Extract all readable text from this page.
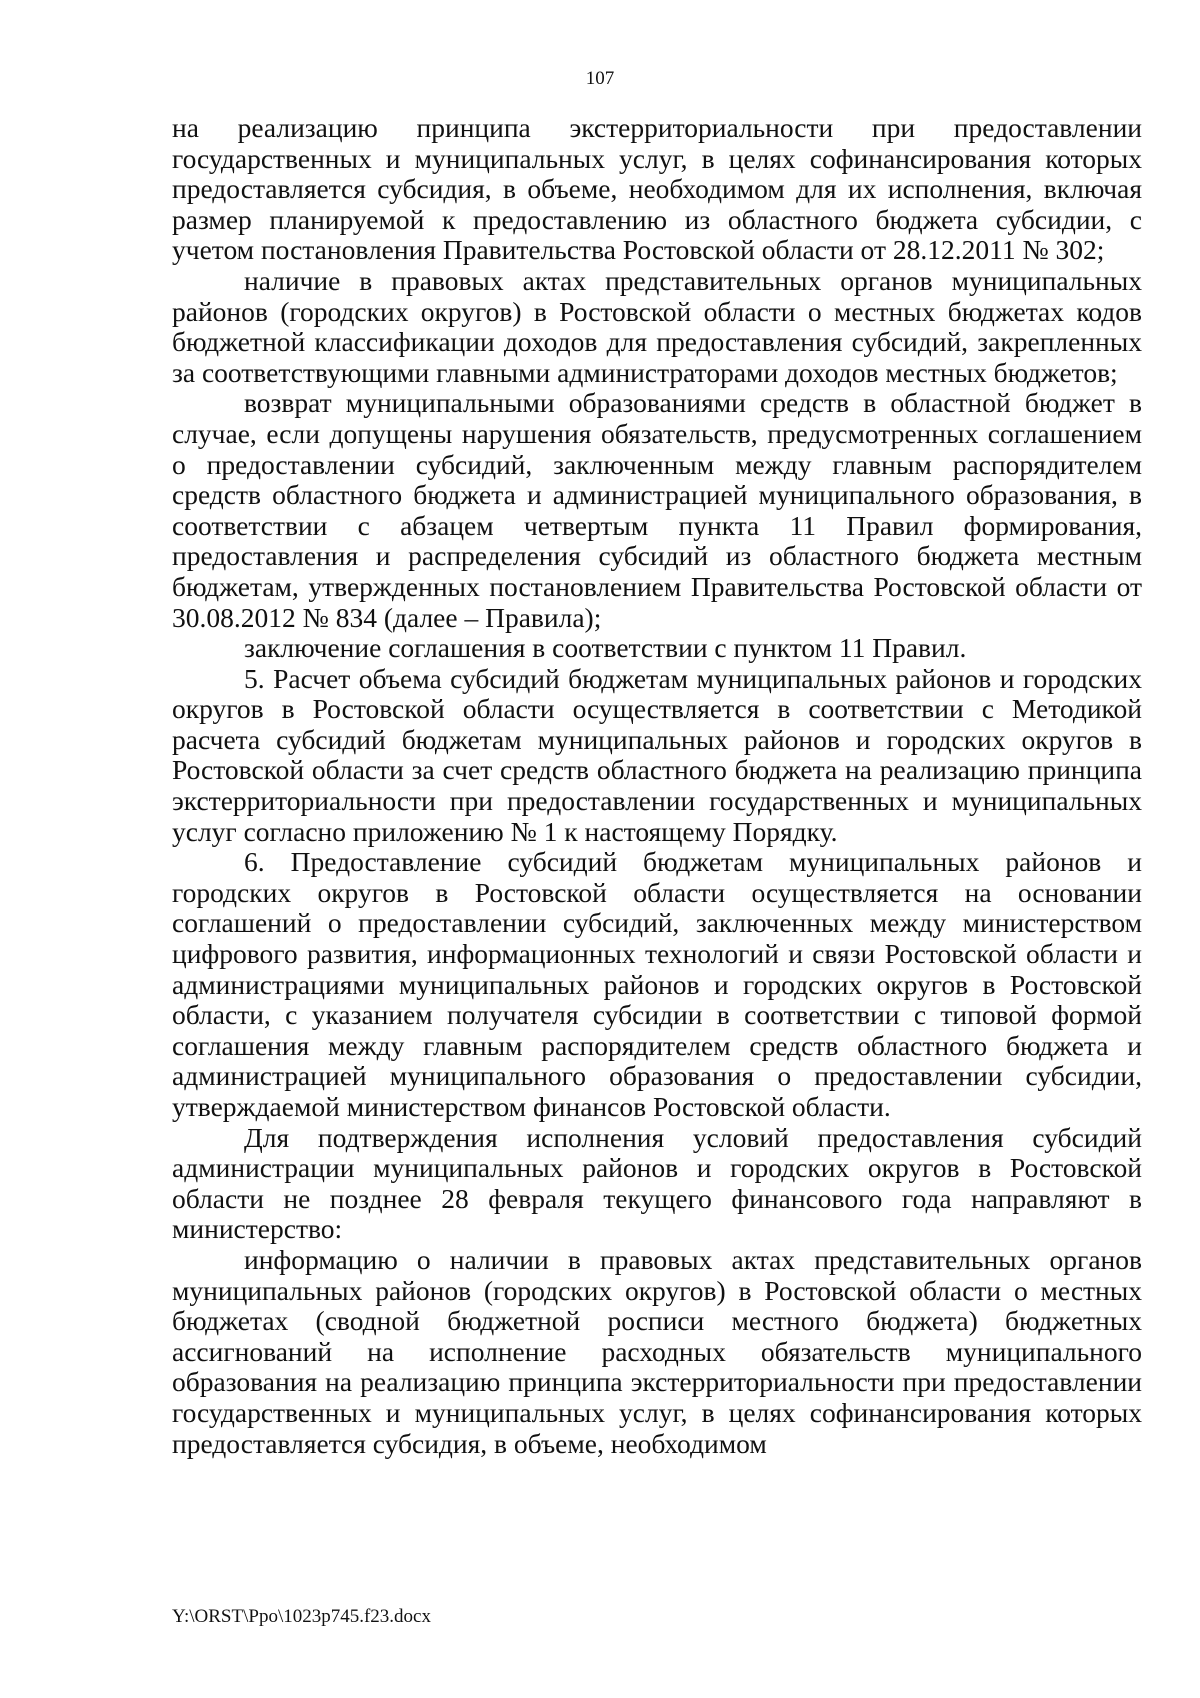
107

на реализацию принципа экстерриториальности при предоставлении государственных и муниципальных услуг, в целях софинансирования которых предоставляется субсидия, в объеме, необходимом для их исполнения, включая размер планируемой к предоставлению из областного бюджета субсидии, с учетом постановления Правительства Ростовской области от 28.12.2011 № 302;

наличие в правовых актах представительных органов муниципальных районов (городских округов) в Ростовской области о местных бюджетах кодов бюджетной классификации доходов для предоставления субсидий, закрепленных за соответствующими главными администраторами доходов местных бюджетов;

возврат муниципальными образованиями средств в областной бюджет в случае, если допущены нарушения обязательств, предусмотренных соглашением о предоставлении субсидий, заключенным между главным распорядителем средств областного бюджета и администрацией муниципального образования, в соответствии с абзацем четвертым пункта 11 Правил формирования, предоставления и распределения субсидий из областного бюджета местным бюджетам, утвержденных постановлением Правительства Ростовской области от 30.08.2012 № 834 (далее – Правила);

заключение соглашения в соответствии с пунктом 11 Правил.

5. Расчет объема субсидий бюджетам муниципальных районов и городских округов в Ростовской области осуществляется в соответствии с Методикой расчета субсидий бюджетам муниципальных районов и городских округов в Ростовской области за счет средств областного бюджета на реализацию принципа экстерриториальности при предоставлении государственных и муниципальных услуг согласно приложению № 1 к настоящему Порядку.

6. Предоставление субсидий бюджетам муниципальных районов и городских округов в Ростовской области осуществляется на основании соглашений о предоставлении субсидий, заключенных между министерством цифрового развития, информационных технологий и связи Ростовской области и администрациями муниципальных районов и городских округов в Ростовской области, с указанием получателя субсидии в соответствии с типовой формой соглашения между главным распорядителем средств областного бюджета и администрацией муниципального образования о предоставлении субсидии, утверждаемой министерством финансов Ростовской области.

Для подтверждения исполнения условий предоставления субсидий администрации муниципальных районов и городских округов в Ростовской области не позднее 28 февраля текущего финансового года направляют в министерство:

информацию о наличии в правовых актах представительных органов муниципальных районов (городских округов) в Ростовской области о местных бюджетах (сводной бюджетной росписи местного бюджета) бюджетных ассигнований на исполнение расходных обязательств муниципального образования на реализацию принципа экстерриториальности при предоставлении государственных и муниципальных услуг, в целях софинансирования которых предоставляется субсидия, в объеме, необходимом

Y:\ORST\Ppo\1023p745.f23.docx
